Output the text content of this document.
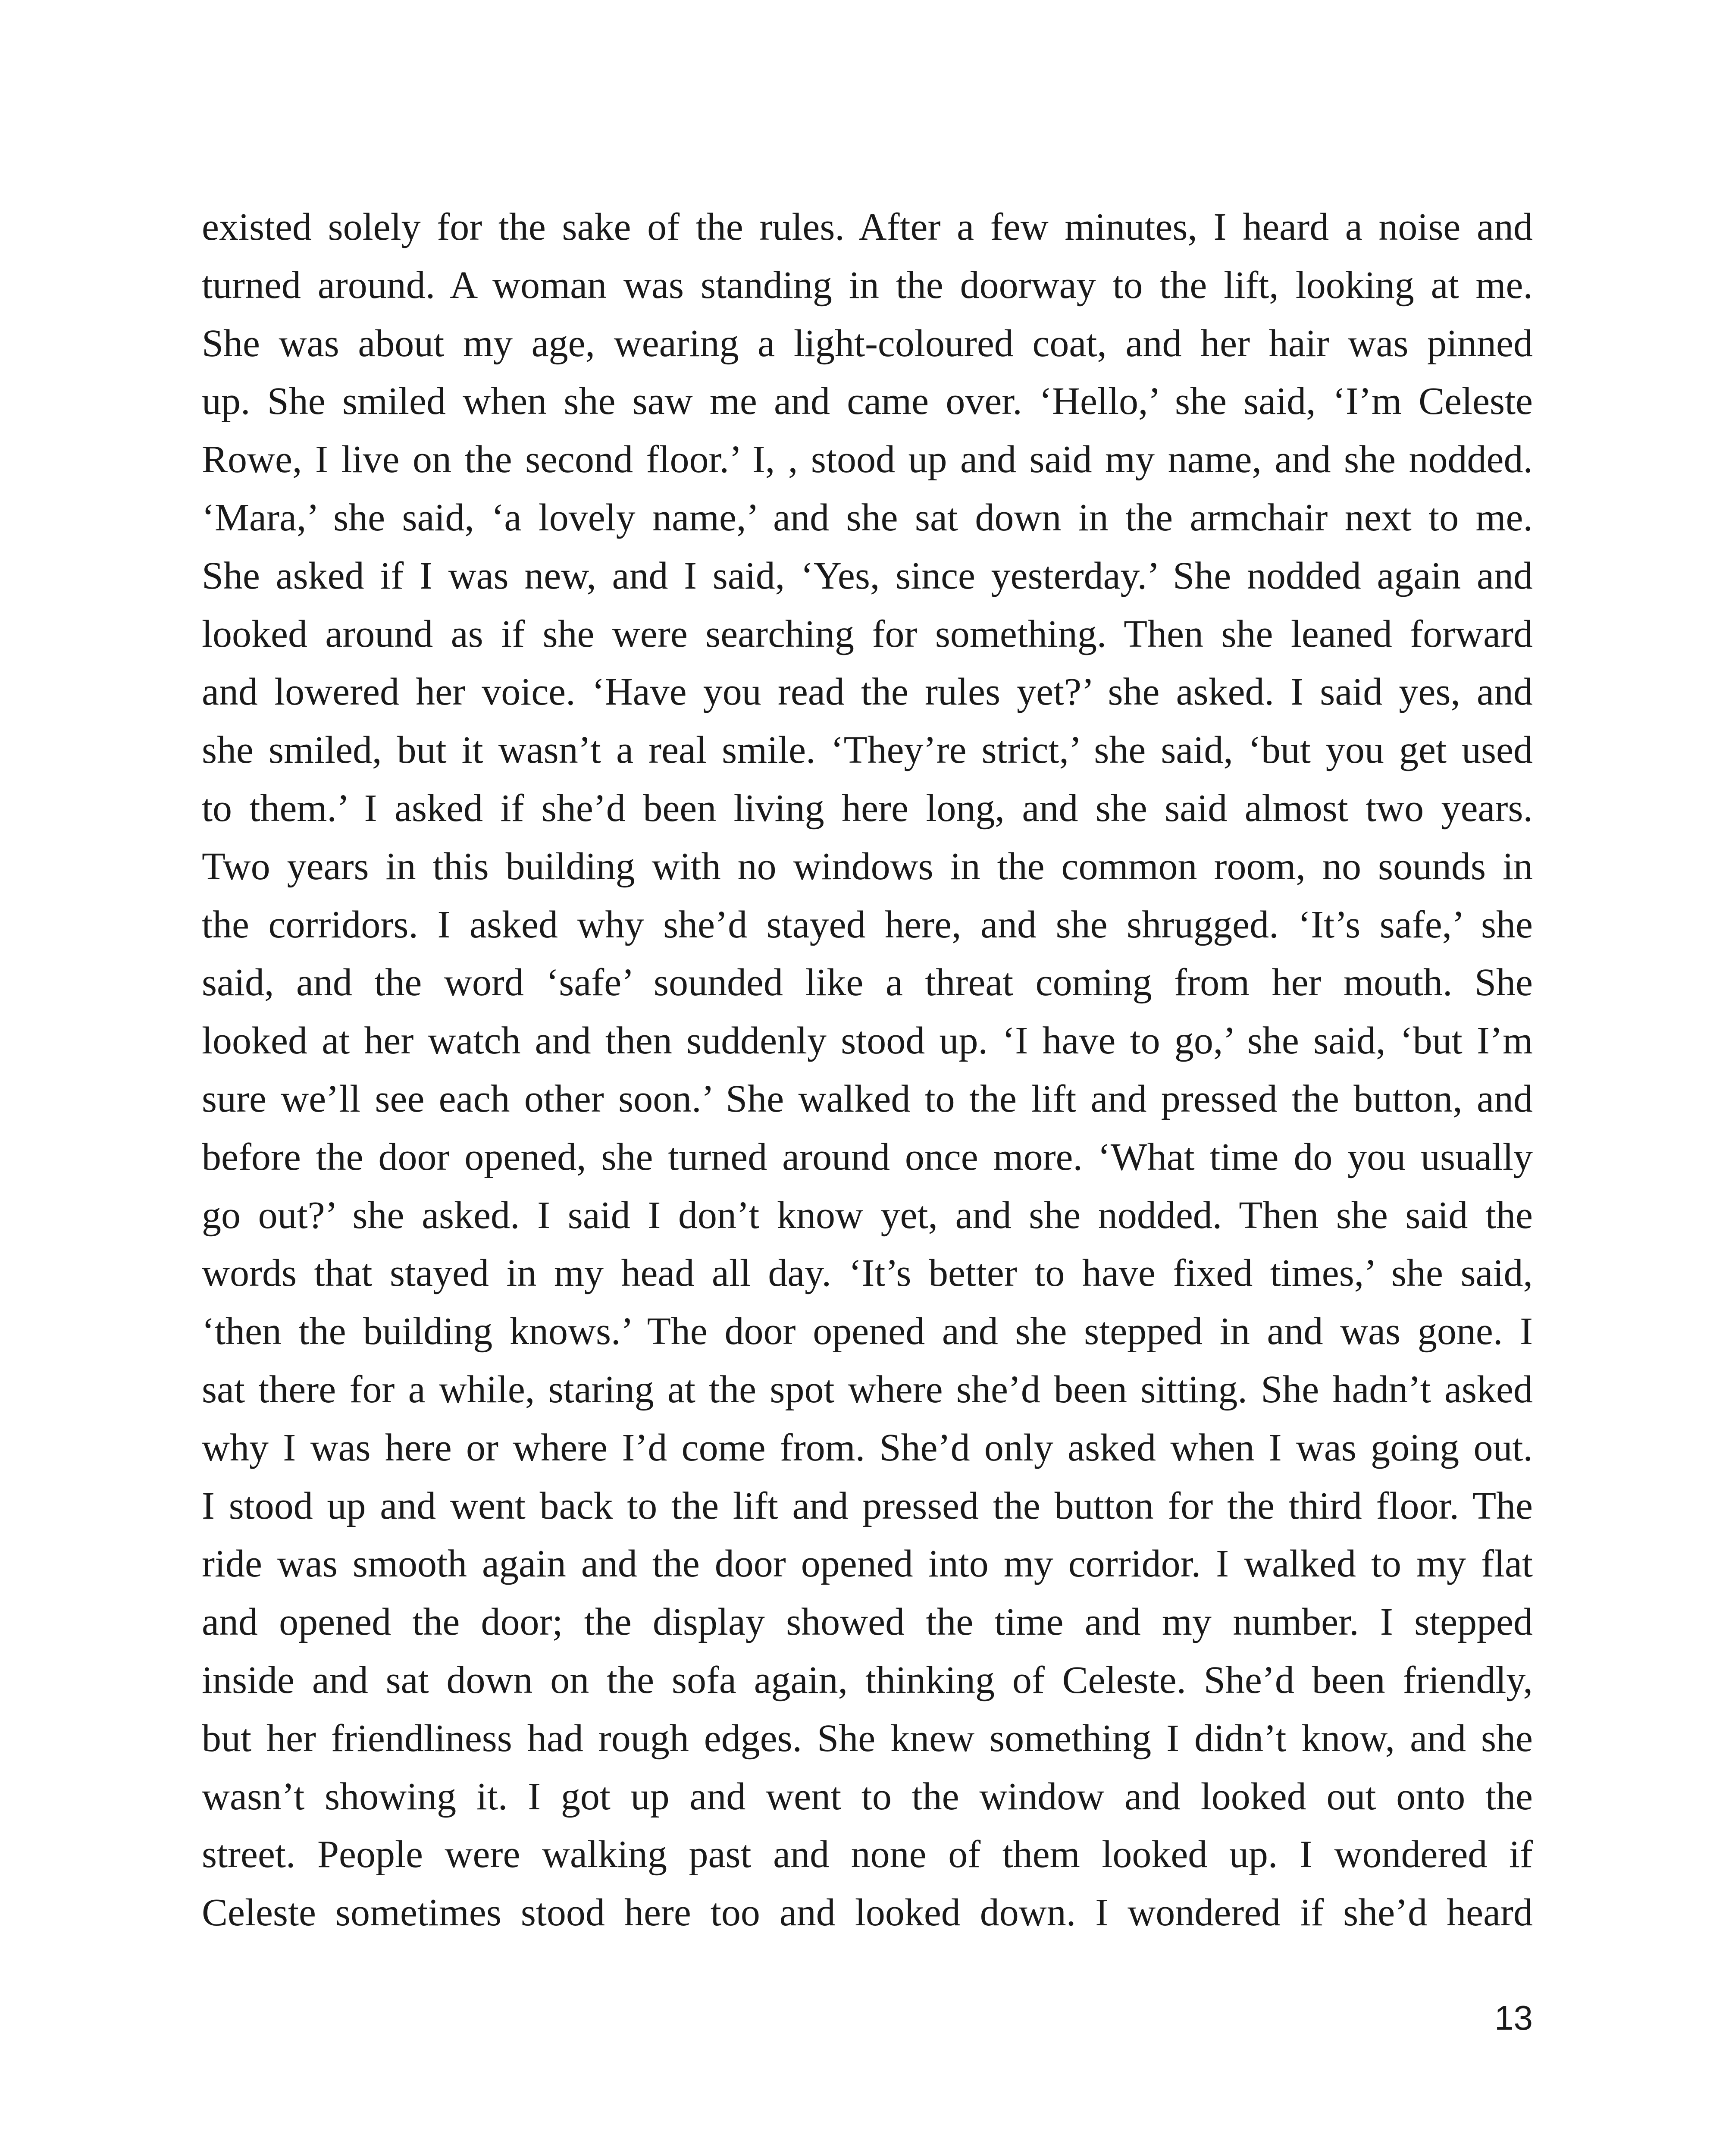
existed solely for the sake of the rules. After a few minutes, I heard a noise and
turned around. A woman was standing in the doorway to the lift, looking at me.
She was about my age, wearing a light-coloured coat, and her hair was pinned
up. She smiled when she saw me and came over. ‘Hello,’ she said, ‘I’m Celeste
Rowe, I live on the second floor.’ I, , stood up and said my name, and she nodded.
‘Mara,’ she said, ‘a lovely name,’ and she sat down in the armchair next to me.
She asked if I was new, and I said, ‘Yes, since yesterday.’ She nodded again and
looked around as if she were searching for something. Then she leaned forward
and lowered her voice. ‘Have you read the rules yet?’ she asked. I said yes, and
she smiled, but it wasn’t a real smile. ‘They’re strict,’ she said, ‘but you get used
to them.’ I asked if she’d been living here long, and she said almost two years.
Two years in this building with no windows in the common room, no sounds in
the corridors. I asked why she’d stayed here, and she shrugged. ‘It’s safe,’ she
said, and the word ‘safe’ sounded like a threat coming from her mouth. She
looked at her watch and then suddenly stood up. ‘I have to go,’ she said, ‘but I’m
sure we’ll see each other soon.’ She walked to the lift and pressed the button, and
before the door opened, she turned around once more. ‘What time do you usually
go out?’ she asked. I said I don’t know yet, and she nodded. Then she said the
words that stayed in my head all day. ‘It’s better to have fixed times,’ she said,
‘then the building knows.’ The door opened and she stepped in and was gone. I
sat there for a while, staring at the spot where she’d been sitting. She hadn’t asked
why I was here or where I’d come from. She’d only asked when I was going out.
I stood up and went back to the lift and pressed the button for the third floor. The
ride was smooth again and the door opened into my corridor. I walked to my flat
and opened the door; the display showed the time and my number. I stepped
inside and sat down on the sofa again, thinking of Celeste. She’d been friendly,
but her friendliness had rough edges. She knew something I didn’t know, and she
wasn’t showing it. I got up and went to the window and looked out onto the
street. People were walking past and none of them looked up. I wondered if
Celeste sometimes stood here too and looked down. I wondered if she’d heard
13
